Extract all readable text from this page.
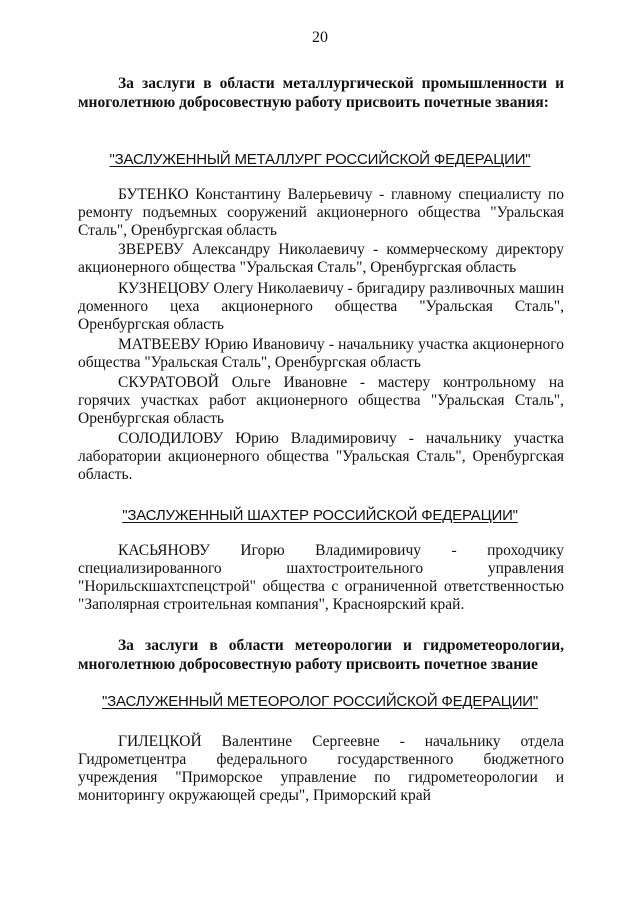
20

За заслуги в области металлургической промышленности и многолетнюю добросовестную работу присвоить почетные звания:

"ЗАСЛУЖЕННЫЙ МЕТАЛЛУРГ РОССИЙСКОЙ ФЕДЕРАЦИИ"

БУТЕНКО Константину Валерьевичу - главному специалисту по ремонту подъемных сооружений акционерного общества "Уральская Сталь", Оренбургская область

ЗВЕРЕВУ Александру Николаевичу - коммерческому директору акционерного общества "Уральская Сталь", Оренбургская область

КУЗНЕЦОВУ Олегу Николаевичу - бригадиру разливочных машин доменного цеха акционерного общества "Уральская Сталь", Оренбургская область

МАТВЕЕВУ Юрию Ивановичу - начальнику участка акционерного общества "Уральская Сталь", Оренбургская область

СКУРАТОВОЙ Ольге Ивановне - мастеру контрольному на горячих участках работ акционерного общества "Уральская Сталь", Оренбургская область

СОЛОДИЛОВУ Юрию Владимировичу - начальнику участка лаборатории акционерного общества "Уральская Сталь", Оренбургская область.

"ЗАСЛУЖЕННЫЙ ШАХТЕР РОССИЙСКОЙ ФЕДЕРАЦИИ"

КАСЬЯНОВУ Игорю Владимировичу - проходчику специализированного шахтостроительного управления "Норильскшахтспецстрой" общества с ограниченной ответственностью "Заполярная строительная компания", Красноярский край.

За заслуги в области метеорологии и гидрометеорологии, многолетнюю добросовестную работу присвоить почетное звание

"ЗАСЛУЖЕННЫЙ МЕТЕОРОЛОГ РОССИЙСКОЙ ФЕДЕРАЦИИ"

ГИЛЕЦКОЙ Валентине Сергеевне - начальнику отдела Гидрометцентра федерального государственного бюджетного учреждения "Приморское управление по гидрометеорологии и мониторингу окружающей среды", Приморский край
